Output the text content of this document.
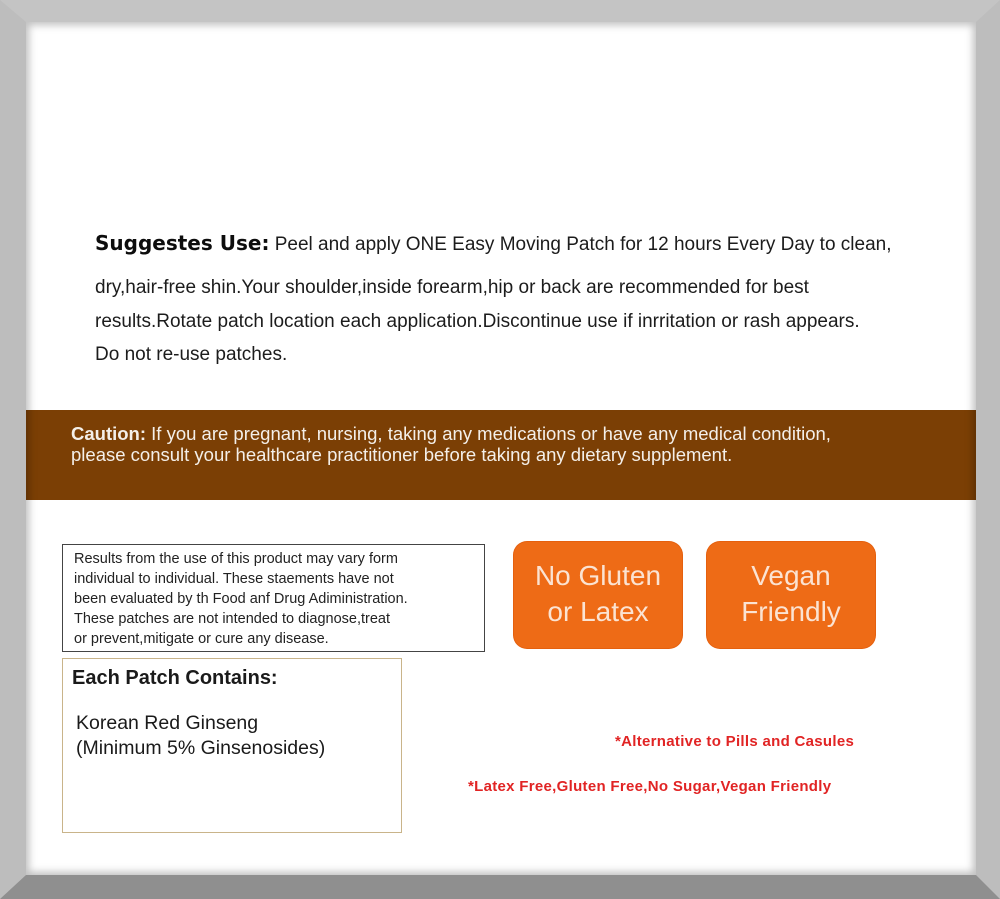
Suggestes Use: Peel and apply ONE Easy Moving Patch for 12 hours Every Day to clean,
dry,hair-free shin.Your shoulder,inside forearm,hip or back are recommended for best
results.Rotate patch location each application.Discontinue use if inrritation or rash appears.
Do not re-use patches.
Caution: If you are pregnant, nursing, taking any medications or have any medical condition,
please consult your healthcare practitioner before taking any dietary supplement.
Results from the use of this product may vary form
individual to individual. These staements have not
been evaluated by th Food anf Drug Adiministration.
These patches are not intended to diagnose,treat
or prevent,mitigate or cure any disease.
No Gluten
or Latex
Vegan
Friendly
Each Patch Contains:
Korean Red Ginseng
(Minimum 5% Ginsenosides)	*Alternative to Pills and Casules
*Latex Free,Gluten Free,No Sugar,Vegan Friendly
